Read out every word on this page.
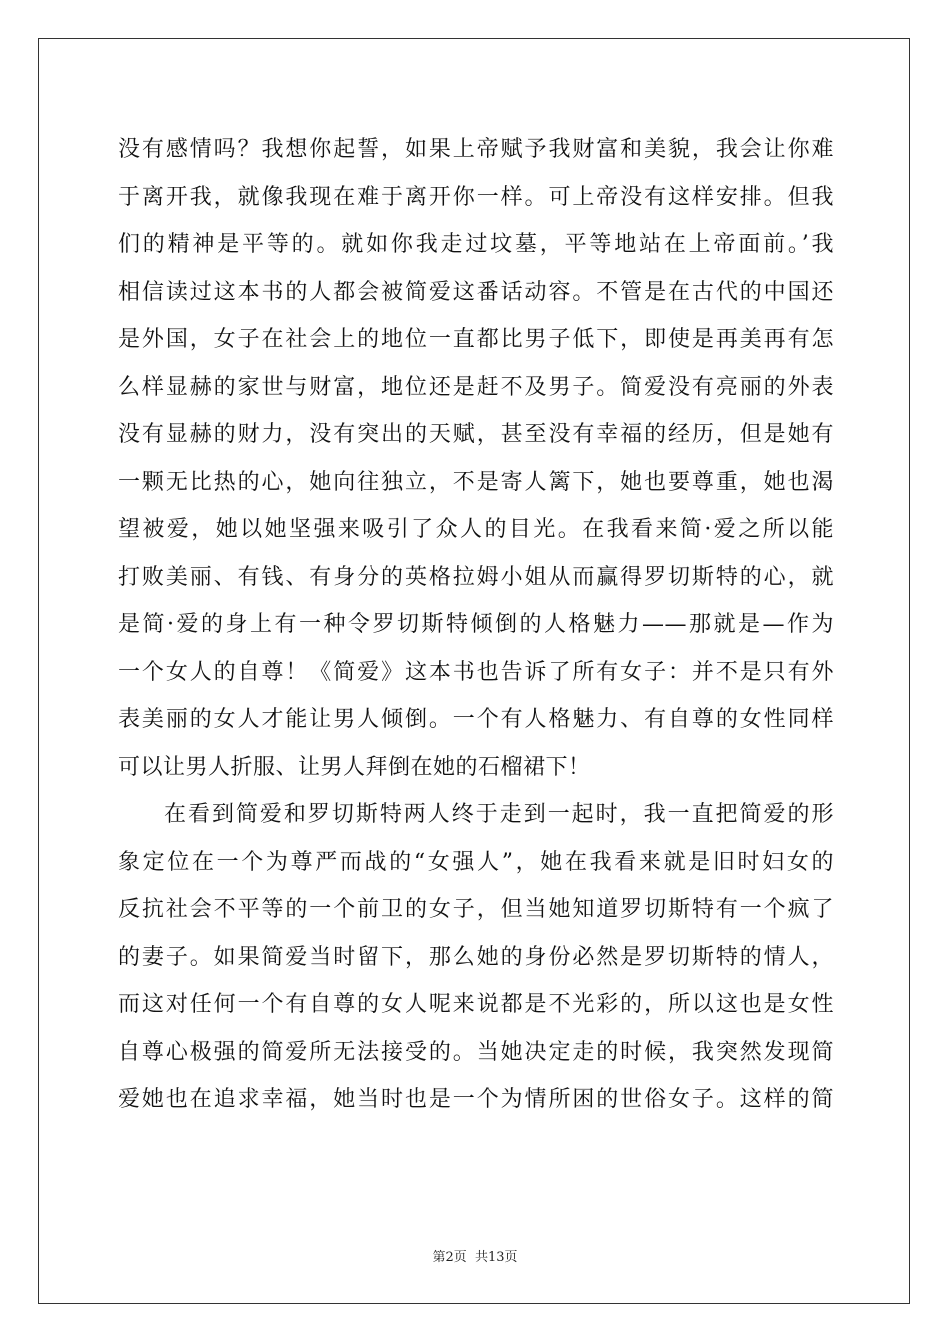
没有感情吗？我想你起誓，如果上帝赋予我财富和美貌，我会让你难
于离开我，就像我现在难于离开你一样。可上帝没有这样安排。但我
们的精神是平等的。就如你我走过坟墓，平等地站在上帝面前。’我
相信读过这本书的人都会被简爱这番话动容。不管是在古代的中国还
是外国，女子在社会上的地位一直都比男子低下，即使是再美再有怎
么样显赫的家世与财富，地位还是赶不及男子。简爱没有亮丽的外表
没有显赫的财力，没有突出的天赋，甚至没有幸福的经历，但是她有
一颗无比热的心，她向往独立，不是寄人篱下，她也要尊重，她也渴
望被爱，她以她坚强来吸引了众人的目光。在我看来简·爱之所以能
打败美丽、有钱、有身分的英格拉姆小姐从而赢得罗切斯特的心，就
是简·爱的身上有一种令罗切斯特倾倒的人格魅力——那就是—作为
一个女人的自尊！《简爱》这本书也告诉了所有女子：并不是只有外
表美丽的女人才能让男人倾倒。一个有人格魅力、有自尊的女性同样
可以让男人折服、让男人拜倒在她的石榴裙下！
在看到简爱和罗切斯特两人终于走到一起时，我一直把简爱的形
象定位在一个为尊严而战的“女强人”，她在我看来就是旧时妇女的
反抗社会不平等的一个前卫的女子，但当她知道罗切斯特有一个疯了
的妻子。如果简爱当时留下，那么她的身份必然是罗切斯特的情人，
而这对任何一个有自尊的女人呢来说都是不光彩的，所以这也是女性
自尊心极强的简爱所无法接受的。当她决定走的时候，我突然发现简
爱她也在追求幸福，她当时也是一个为情所困的世俗女子。这样的简
第2页 共13页
